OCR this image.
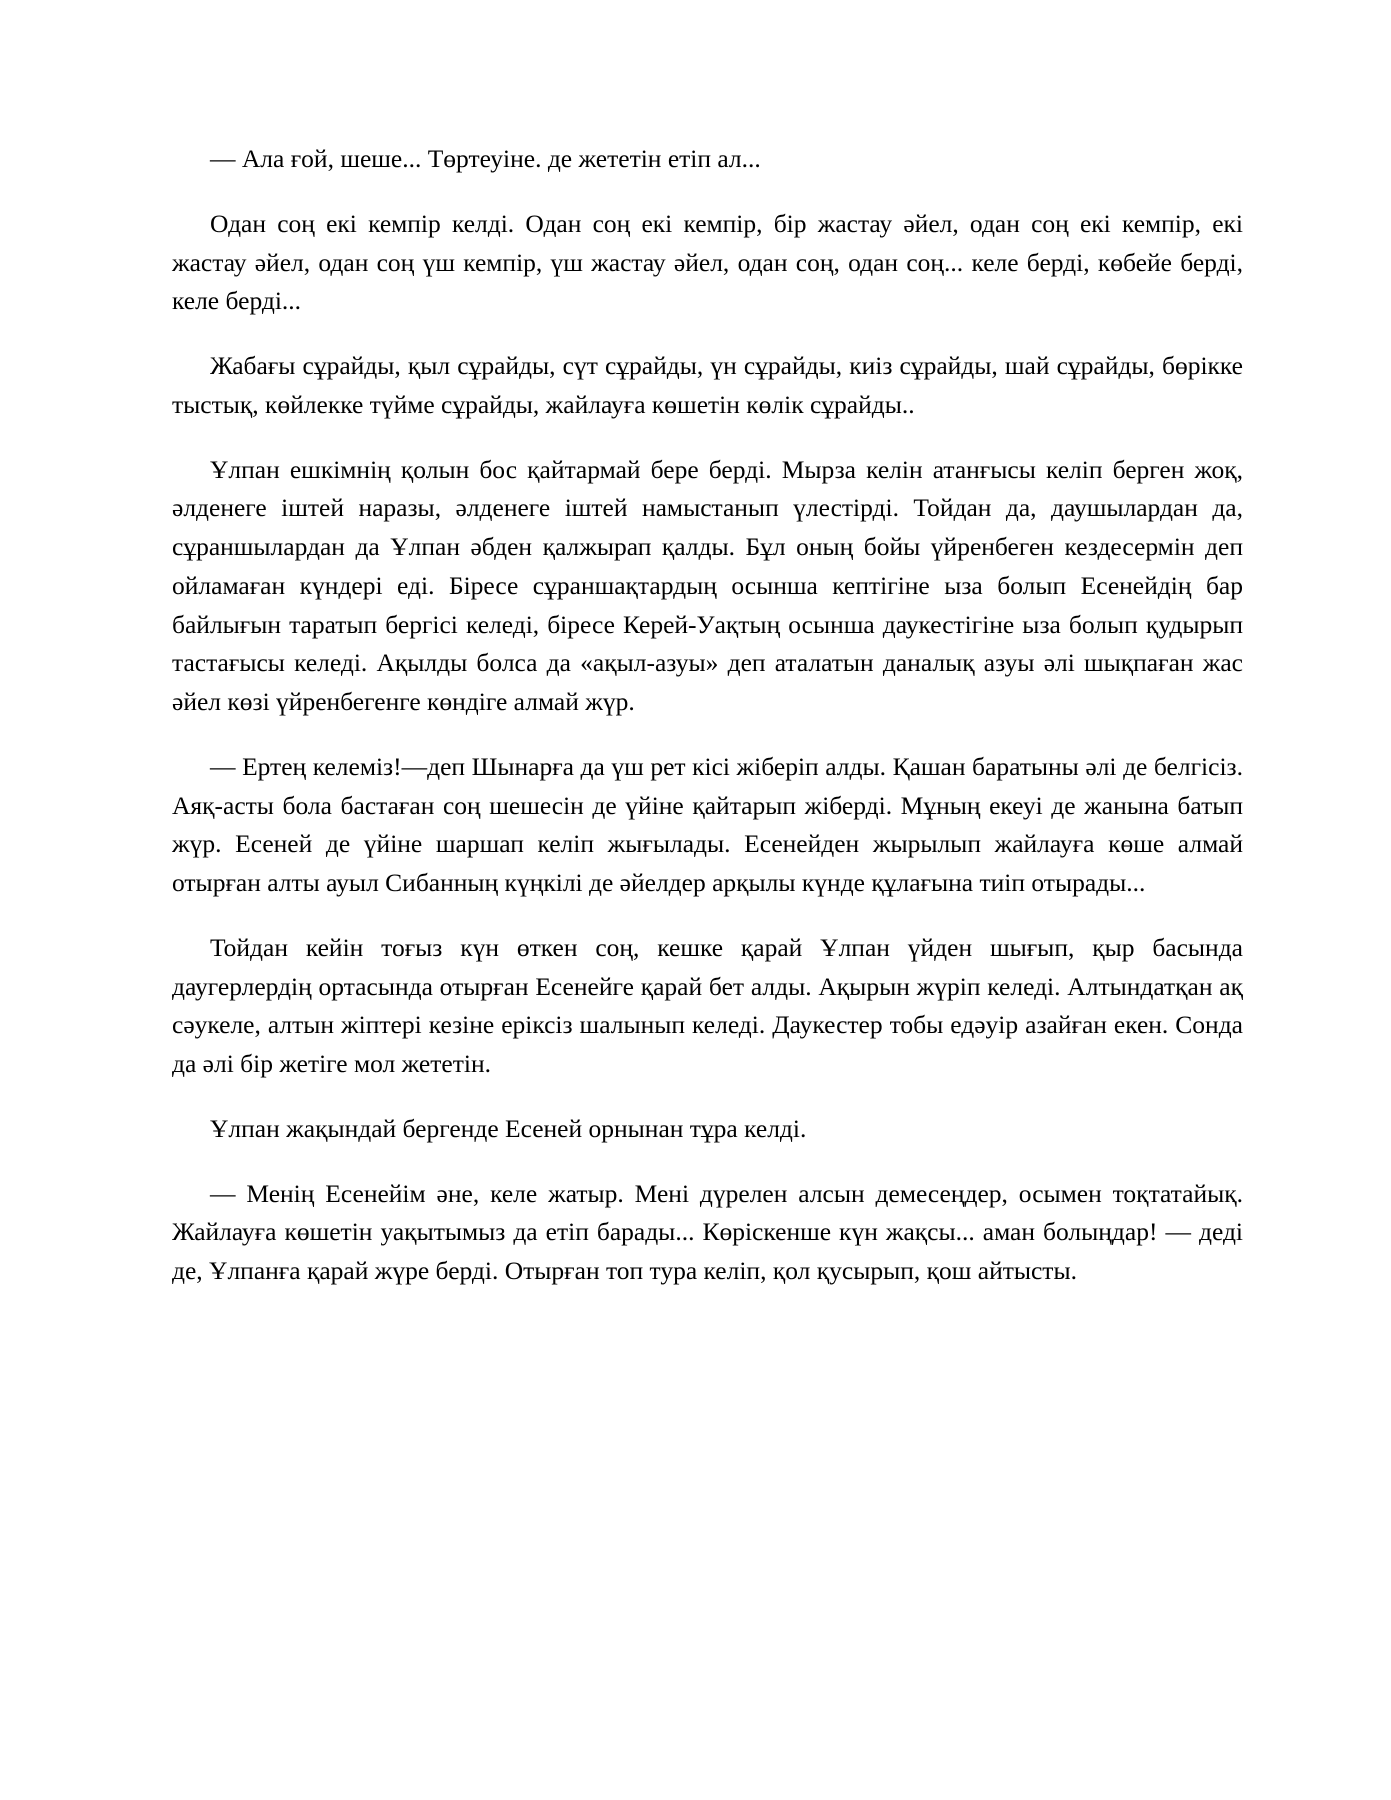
— Ала ғой, шеше... Төртеуіне. де жететін етіп ал...

Одан соң екі кемпір келді. Одан соң екі кемпір, бір жастау әйел, одан соң екі кемпір, екі жастау әйел, одан соң үш кемпір, үш жастау әйел, одан соң, одан соң... келе берді, көбейе берді, келе берді...

Жабағы сұрайды, қыл сұрайды, сүт сұрайды, үн сұрайды, киіз сұрайды, шай сұрайды, бөрікке тыстық, көйлекке түйме сұрайды, жайлауға көшетін көлік сұрайды..

Ұлпан ешкімнің қолын бос қайтармай бере берді. Мырза келін атанғысы келіп берген жоқ, әлденеге іштей наразы, әлденеге іштей намыстанып үлестірді. Тойдан да, даушылардан да, сұраншылардан да Ұлпан әбден қалжырап қалды. Бұл оның бойы үйренбеген кездесермін деп ойламаған күндері еді. Біресе сұраншақтардың осынша кептігіне ыза болып Есенейдің бар байлығын таратып бергісі келеді, біресе Керей-Уақтың осынша даукестігіне ыза болып қудырып тастағысы келеді. Ақылды болса да «ақыл-азуы» деп аталатын даналық азуы әлі шықпаған жас әйел көзі үйренбегенге көндіге алмай жүр.

— Ертең келеміз!—деп Шынарға да үш рет кісі жіберіп алды. Қашан баратыны әлі де белгісіз. Аяқ-асты бола бастаған соң шешесін де үйіне қайтарып жіберді. Мұның екеуі де жанына батып жүр. Есеней де үйіне шаршап келіп жығылады. Есенейден жырылып жайлауға көше алмай отырған алты ауыл Сибанның күңкілі де әйелдер арқылы күнде құлағына тиіп отырады...

Тойдан кейін тоғыз күн өткен соң, кешке қарай Ұлпан үйден шығып, қыр басында даугерлердің ортасында отырған Есенейге қарай бет алды. Ақырын жүріп келеді. Алтындатқан ақ сәукеле, алтын жіптері кезіне еріксіз шалынып келеді. Даукестер тобы едәуір азайған екен. Сонда да әлі бір жетіге мол жететін.

Ұлпан жақындай бергенде Есеней орнынан тұра келді.

— Менің Есенейім әне, келе жатыр. Мені дүрелен алсын демесеңдер, осымен тоқтатайық. Жайлауға көшетін уақытымыз да етіп барады... Көріскенше күн жақсы... аман болыңдар! — деді де, Ұлпанға қарай жүре берді. Отырған топ тура келіп, қол қусырып, қош айтысты.
